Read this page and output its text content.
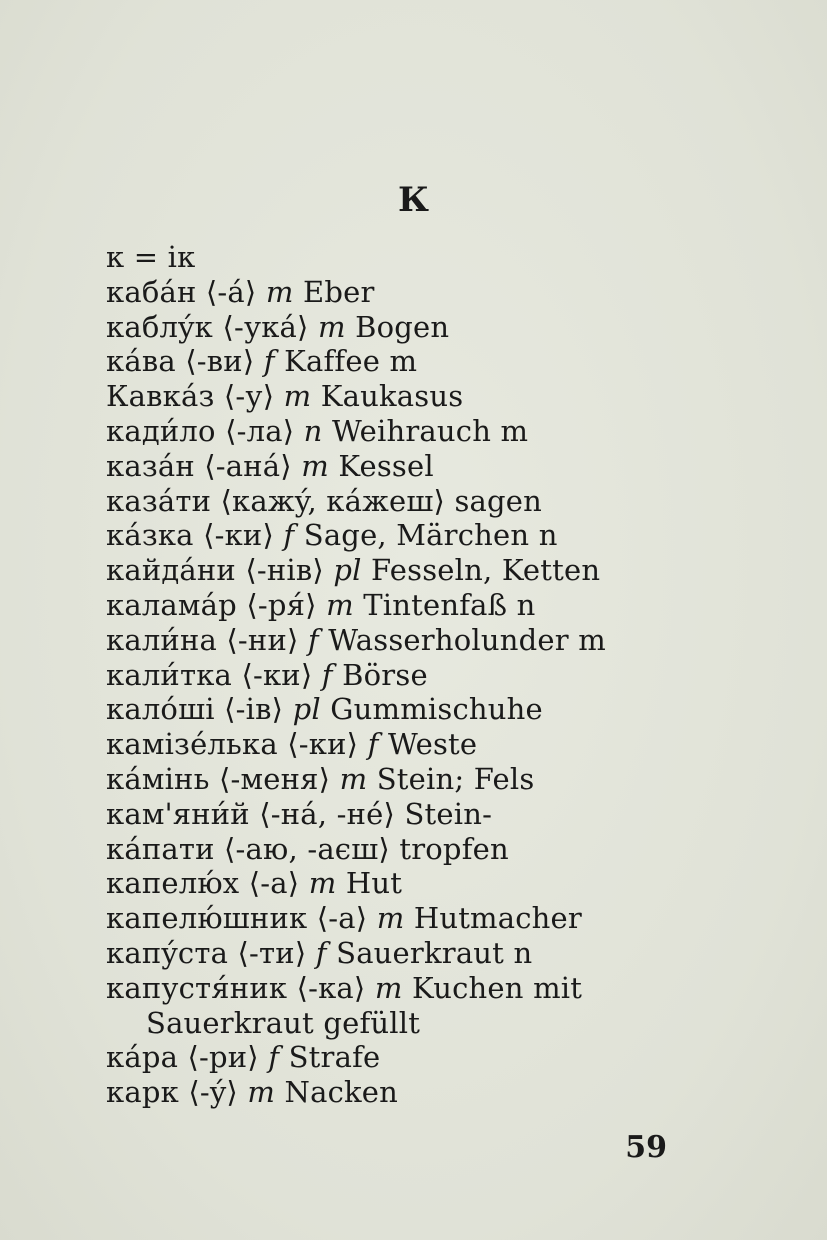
К
к = ік
кабáн ⟨-á⟩ m Eber
каблýк ⟨-укá⟩ m Bogen
кáва ⟨-ви⟩ f Kaffee m
Кавкáз ⟨-у⟩ m Kaukasus
кади́ло ⟨-ла⟩ n Weihrauch m
казáн ⟨-анá⟩ m Kessel
казáти ⟨кажý, кáжеш⟩ sagen
кáзка ⟨-ки⟩ f Sage, Märchen n
кайдáни ⟨-нів⟩ pl Fesseln, Ketten
каламáр ⟨-ря́⟩ m Tintenfaß n
кали́на ⟨-ни⟩ f Wasserholunder m
кали́тка ⟨-ки⟩ f Börse
калóші ⟨-ів⟩ pl Gummischuhe
камізéлька ⟨-ки⟩ f Weste
кáмінь ⟨-меня⟩ m Stein; Fels
кам'яни́й ⟨-нá, -нé⟩ Stein-
кáпати ⟨-аю, -аєш⟩ tropfen
капелю́х ⟨-а⟩ m Hut
капелю́шник ⟨-а⟩ m Hutmacher
капýста ⟨-ти⟩ f Sauerkraut n
капустя́ник ⟨-ка⟩ m Kuchen mit
Sauerkraut gefüllt
кáра ⟨-ри⟩ f Strafe
карк ⟨-ý⟩ m Nacken
59
